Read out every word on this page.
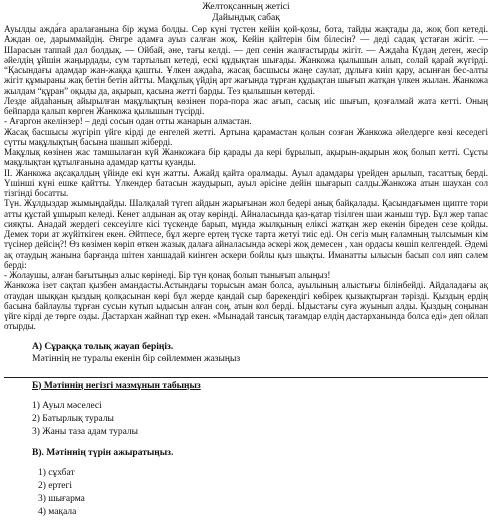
Желтоқсанның жетісі
Дайындық сабақ

Ауылды ажда́ға аралағанына бір жұма болды. Сөр күні түстен кейін қой-қозы, бота, тайды жақтады да, жоқ боп кетеді. Аждан ое, дарыммайдің. Әнгре адамға ауыз салған жоқ. Кейін қайтерін бім білесін? — деді садақ ұстаған жігіт. — Шарасын таппай дал болдық. — Ойбай, әне, тағы келді. — деп сенін жалғастырды жігіт. — Аждаһа Күдәң деген, жесір әйелдің ұйшін жаңырдады, сум тартылып кетеді, ескі құдықтан шығады. Жанкожа қылышын алып, солай қарай жүгірді. “Қасындағы адамдар жан-жаққа қашты. Ұлкен аждаһа, жасақ басшысы жаңе саулат, дұлыға киіп қару, асынған бес-алты жігіт құмыраны жақ бетін бетін айтты. Мақұлық үйдің арт жағында тұрған құдықтан шығып жатқан үлкен жылан. Жанкожа жылдам “құран” оқыды да, ақырып, қасына жетті барды. Тез қылышын көтерді.

Лезде айдаһаның айырылған мақұлықтың көзінен пора-пора жас ағып, сасық иіс шығып, қозғалмай жата кетті. Оның бейпарда қалып көрген Жанкожа қылышын түсірді.

- Ағаргон әкелінзер! – деді сосын одан отты жанарын алмастан.

Жасақ басшысы жүгіріп үйге кірді де енгелей жетті. Артына қарамастан қолын созған Жанкожа әйелдерге көзі кеседегі сүтты мақұлықтың басына шашып жіберді.

Мақұлық көзінен жас тамшылаған күй Жанкожаға бір қарады да кері бұрылып, ақырын-ақырын жоқ болып кетті. Сұсты мақұлықтан құтылғанына адамдар қатты қуанды.

II. Жанкожа ақсақалдың үйінде екі күн жатты. Ажайд қайта оралмады. Ауыл адамдары үрейден арылып, тасаттық берді. Үшінші күні ешке қайтты. Үлкендер батасын жаудырып, ауыл әрісіне дейін шығарып салды.Жанкожа атын шаухан сол тізгінді босатты.

Түн. Жұлдыздар жымыңдайды. Шалқалай түгеп айдын жарығынан жол бедері анық байқалады. Қасындағымен щипте тори атты құстай ұшырып келеді. Кенет алдынан ақ отау көрінді. Айналасында қаз-қатар тізілген шаи жаныш түр. Бұл жер тапас сияқты. Анадай жердегі сексеуілге кісі түскенде барып, мұнда жылқының еліксі жатқан жер екенін біреден сезе қойды. Демек тори ат жүйіткіген екен. Әйтпесе, бұл жерге ертең түске тарта жетуі тиіс еді. Он сегіз мың ғаламның тылсымын кім түсінер дейсің?! Өз көзімен көріп өткен жазық далаға айналасында әскері жоқ демесен , хан ордасы көшіп келгендей. Әдемі ақ отаудың жанына барғанда шітен ханшадай киінген әскери бойлы қыз шықты. Иманатты ылысын басып сол ияп сәлем берді:

- Жолаушы, алған бағытыңыз алыс көрінеді. Бір түн қонақ болып тынығып алыңыз!

Жанкожа ізет сақтап қызбен амандасты.Астындағы торысын аман болса, ауылының алыстығы білінбейді. Айдаладағы ақ отаудан шыққан қыздың қолқасынан көрі бұл жерде қандай сыр барекендігі көбірек қызықтырған тәрізді. Қыздың ердің басына байлаулы тұрған сусын күтып ыдысын алған соң, атын кол берді. Ыдыстағы суға жуынып алды. Қыздың соңынан үйге кірді де төрге озды. Дастархан жайнап тұр екен. «Мынадай тансық тағамдар елдің дастарханында болса еді» деп ойлап отырды.

А) Сұраққа толық жауап беріңіз.
Мәтіннің не туралы екенін бір сөйлеммен жазыңыз
Б) Мәтіннің негізгі мазмұнын табыңыз
1) Ауыл мәселесі
2) Батырлық туралы
3) Жаны таза адам туралы
В). Мәтіннің түрін ажыратыңыз.
1) сұхбат
2) ертегі
3) шығарма
4) мақала
